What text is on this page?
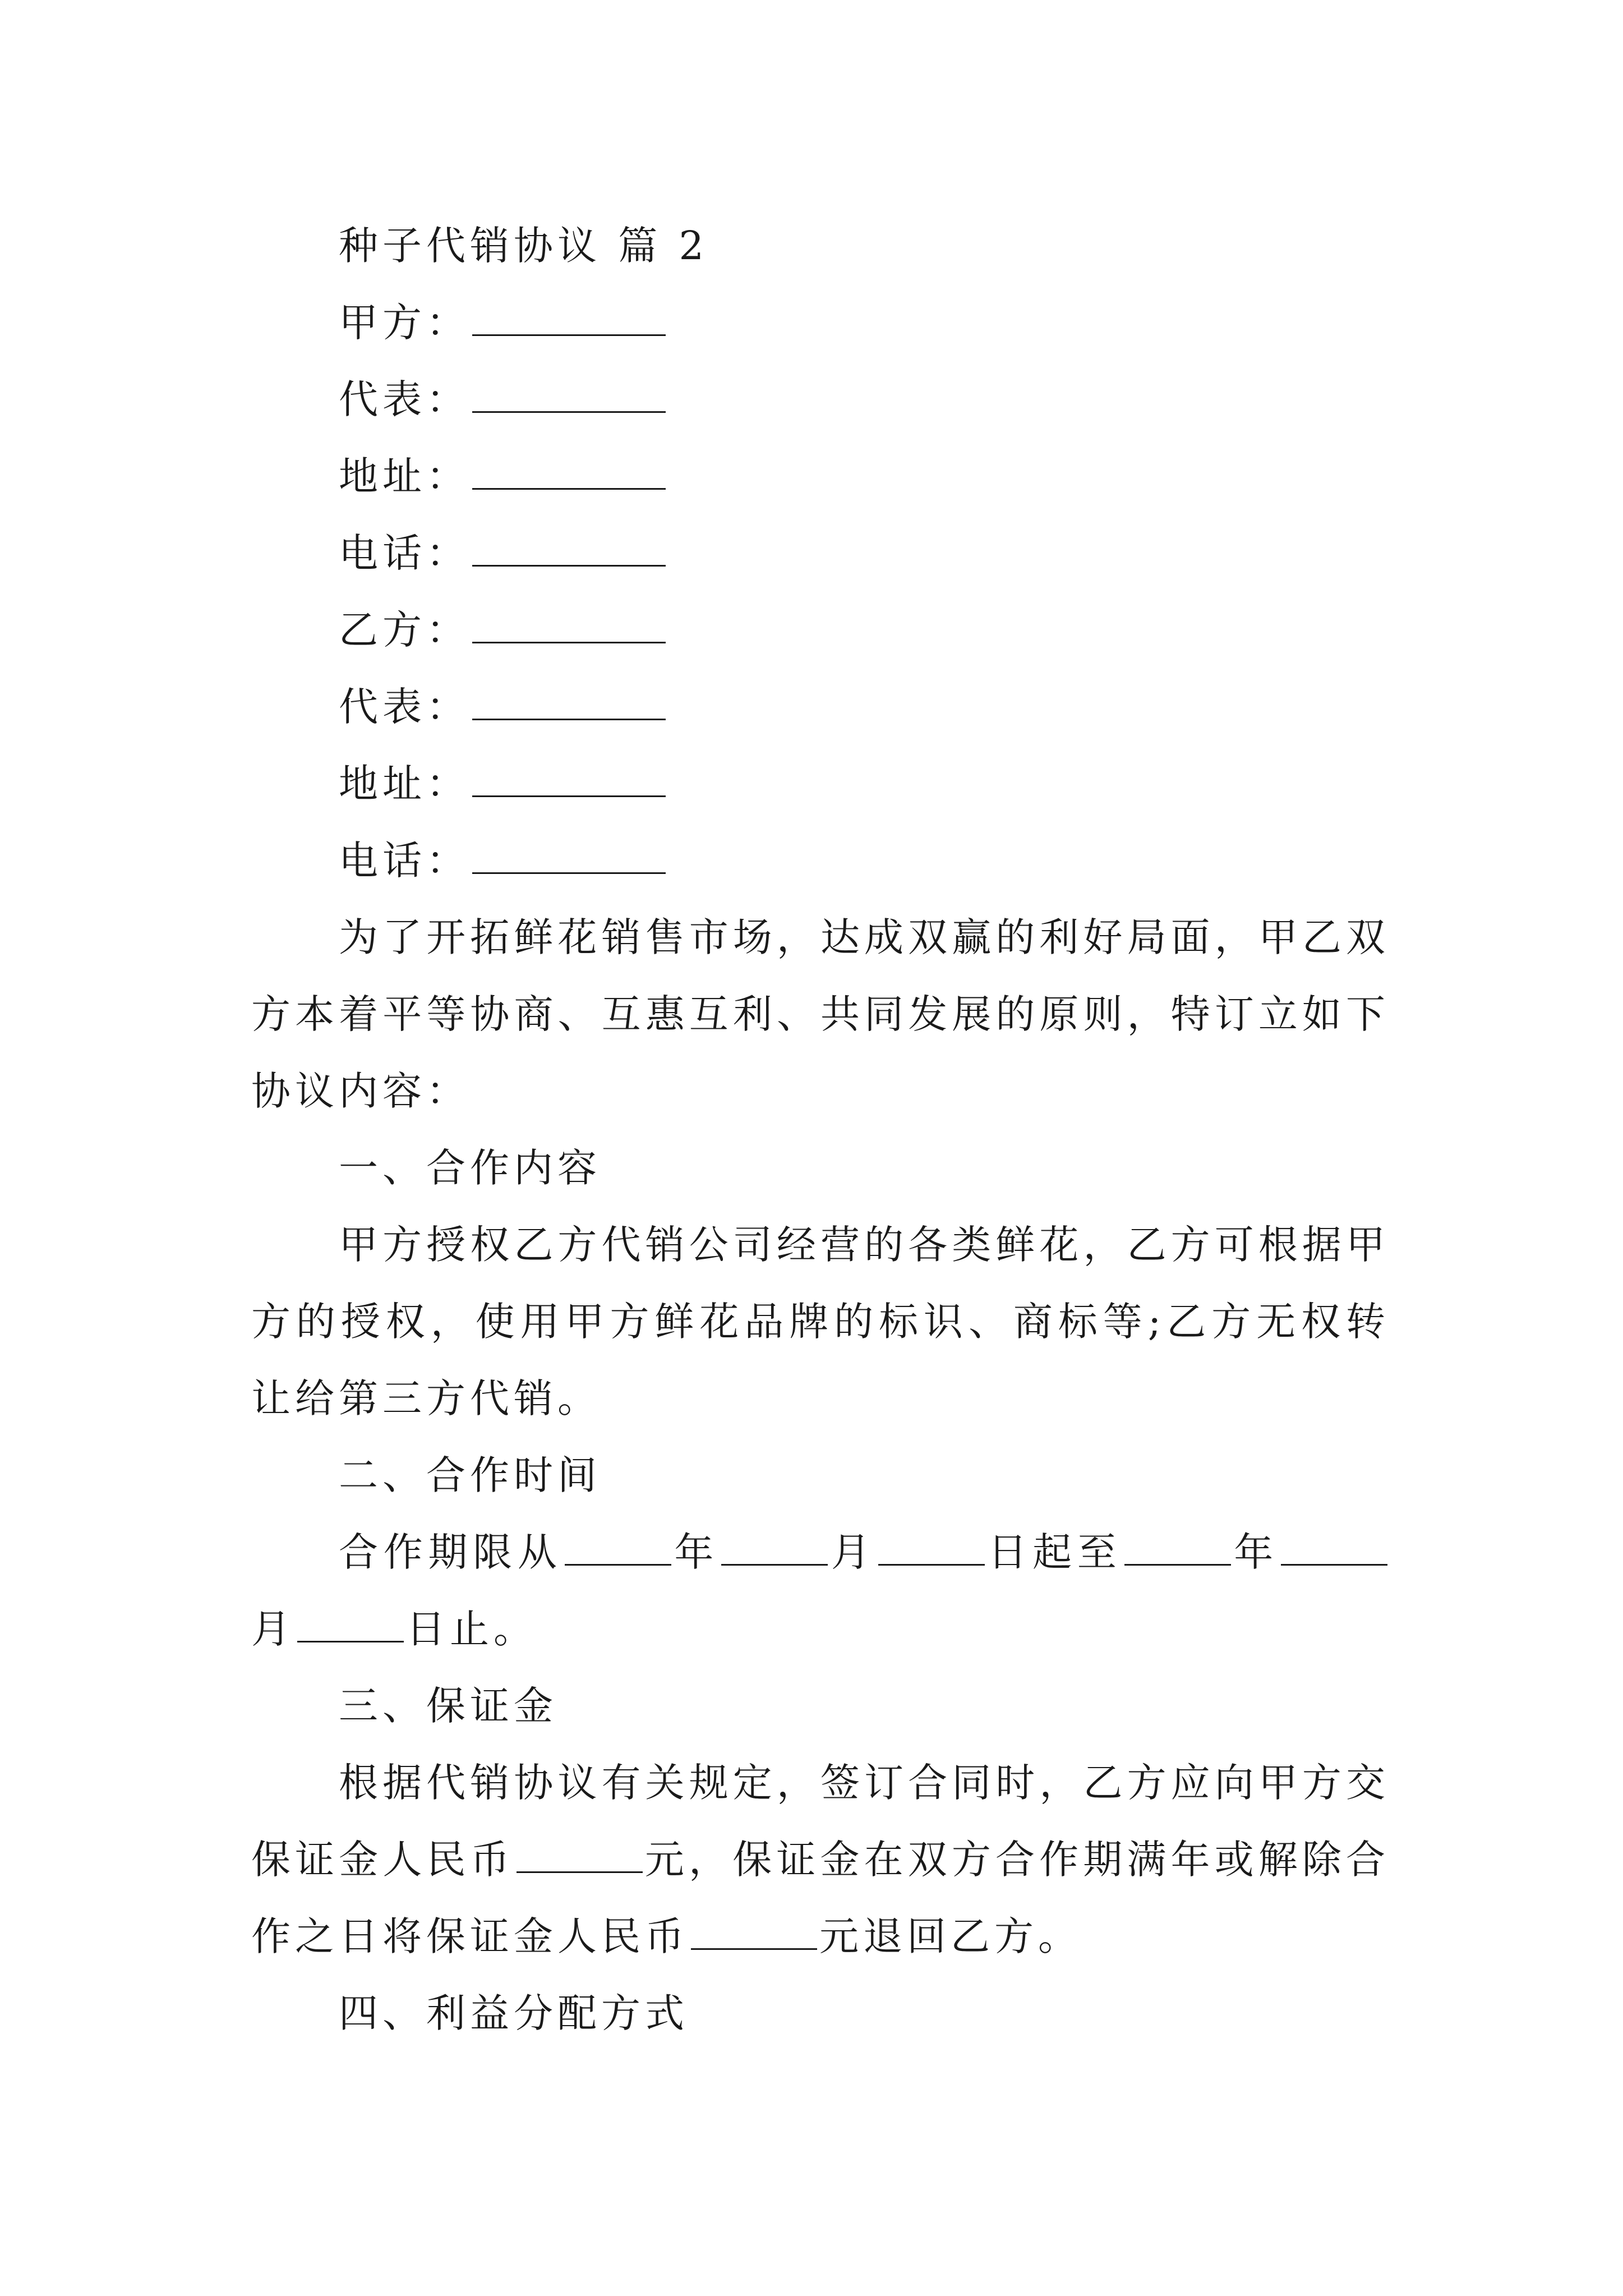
种子代销协议 篇 2
甲方：
代表：
地址：
电话：
乙方：
代表：
地址：
电话：
为了开拓鲜花销售市场，达成双赢的利好局面，甲乙双方本着平等协商、互惠互利、共同发展的原则，特订立如下协议内容：
一、合作内容
甲方授权乙方代销公司经营的各类鲜花，乙方可根据甲方的授权，使用甲方鲜花品牌的标识、商标等;乙方无权转让给第三方代销。
二、合作时间
合作期限从	年	月	日起至	年月	日止。
三、保证金
根据代销协议有关规定，签订合同时，乙方应向甲方交保证金人民币	元，保证金在双方合作期满年或解除合作之日将保证金人民币	元退回乙方。
四、利益分配方式
